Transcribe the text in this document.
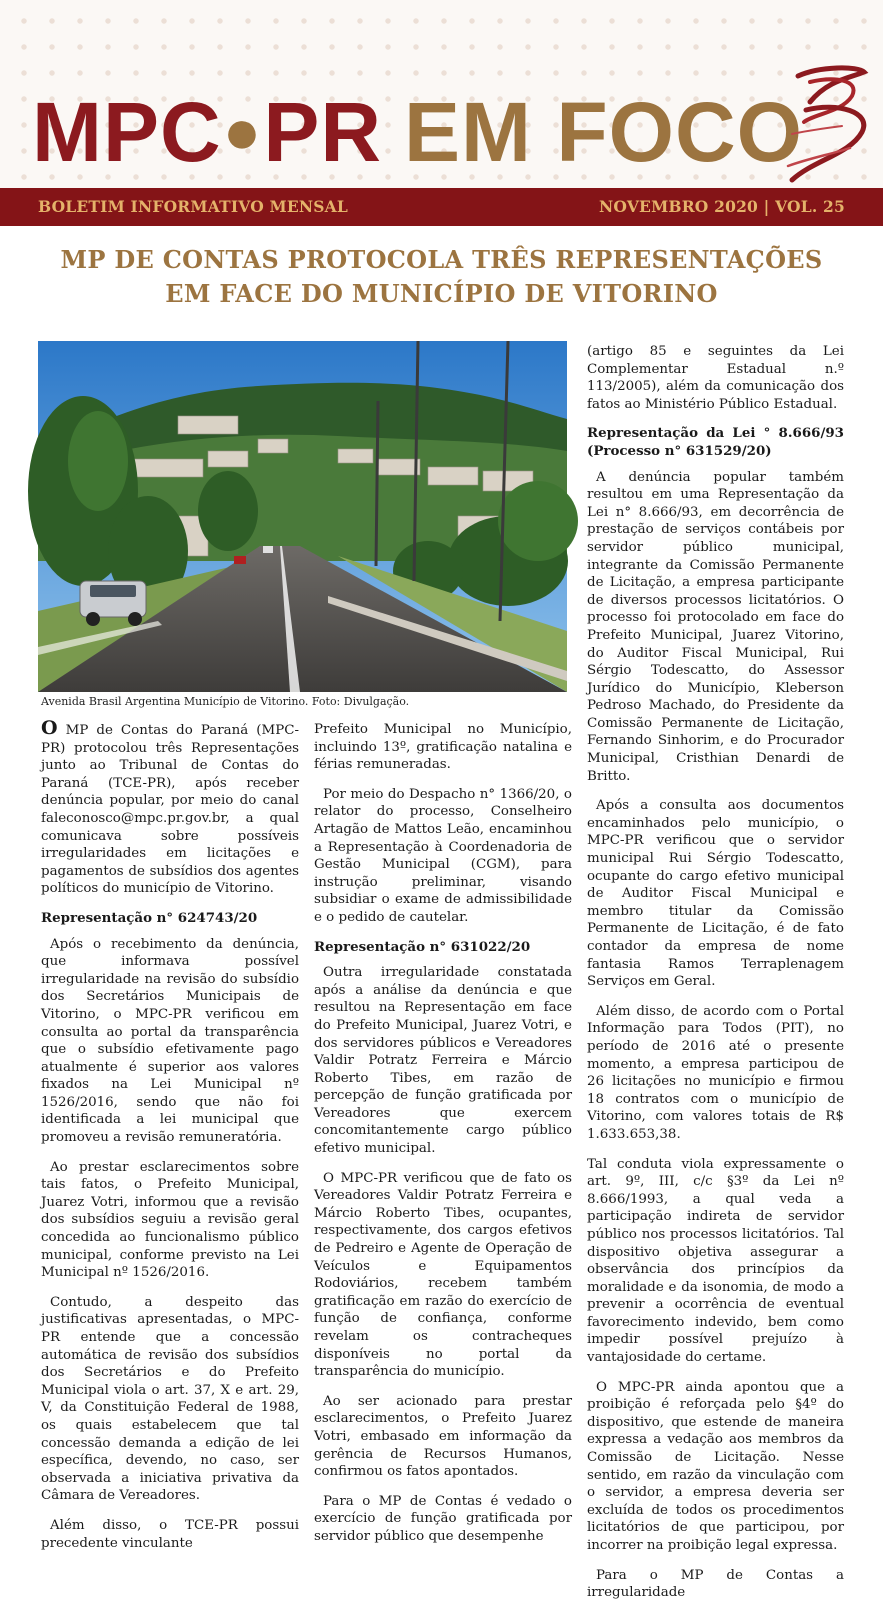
MPC●PR EM FOCO
BOLETIM INFORMATIVO MENSAL	NOVEMBRO 2020 | VOL. 25
MP DE CONTAS PROTOCOLA TRÊS REPRESENTAÇÕES
EM FACE DO MUNICÍPIO DE VITORINO
Avenida Brasil Argentina Município de Vitorino. Foto: Divulgação.

O MP de Contas do Paraná (MPC-PR) protocolou três Representações junto ao Tribunal de Contas do Paraná (TCE-PR), após receber denúncia popular, por meio do canal faleconosco@mpc.pr.gov.br, a qual comunicava sobre possíveis irregularidades em licitações e pagamentos de subsídios dos agentes políticos do município de Vitorino.

Representação n° 624743/20

Após o recebimento da denúncia, que informava possível irregularidade na revisão do subsídio dos Secretários Municipais de Vitorino, o MPC-PR verificou em consulta ao portal da transparência que o subsídio efetivamente pago atualmente é superior aos valores fixados na Lei Municipal nº 1526/2016, sendo que não foi identificada a lei municipal que promoveu a revisão remuneratória.

Ao prestar esclarecimentos sobre tais fatos, o Prefeito Municipal, Juarez Votri, informou que a revisão dos subsídios seguiu a revisão geral concedida ao funcionalismo público municipal, conforme previsto na Lei Municipal nº 1526/2016.

Contudo, a despeito das justificativas apresentadas, o MPC-PR entende que a concessão automática de revisão dos subsídios dos Secretários e do Prefeito Municipal viola o art. 37, X e art. 29, V, da Constituição Federal de 1988, os quais estabelecem que tal concessão demanda a edição de lei específica, devendo, no caso, ser observada a iniciativa privativa da Câmara de Vereadores.

Além disso, o TCE-PR possui precedente vinculante

Prefeito Municipal no Município, incluindo 13º, gratificação natalina e férias remuneradas.

Por meio do Despacho n° 1366/20, o relator do processo, Conselheiro Artagão de Mattos Leão, encaminhou a Representação à Coordenadoria de Gestão Municipal (CGM), para instrução preliminar, visando subsidiar o exame de admissibilidade e o pedido de cautelar.

Representação n° 631022/20

Outra irregularidade constatada após a análise da denúncia e que resultou na Representação em face do Prefeito Municipal, Juarez Votri, e dos servidores públicos e Vereadores Valdir Potratz Ferreira e Márcio Roberto Tibes, em razão de percepção de função gratificada por Vereadores que exercem concomitantemente cargo público efetivo municipal.

O MPC-PR verificou que de fato os Vereadores Valdir Potratz Ferreira e Márcio Roberto Tibes, ocupantes, respectivamente, dos cargos efetivos de Pedreiro e Agente de Operação de Veículos e Equipamentos Rodoviários, recebem também gratificação em razão do exercício de função de confiança, conforme revelam os contracheques disponíveis no portal da transparência do município.

Ao ser acionado para prestar esclarecimentos, o Prefeito Juarez Votri, embasado em informação da gerência de Recursos Humanos, confirmou os fatos apontados.

Para o MP de Contas é vedado o exercício de função gratificada por servidor público que desempenhe

(artigo 85 e seguintes da Lei Complementar Estadual n.º 113/2005), além da comunicação dos fatos ao Ministério Público Estadual.

Representação da Lei ° 8.666/93 (Processo n° 631529/20)

A denúncia popular também resultou em uma Representação da Lei n° 8.666/93, em decorrência de prestação de serviços contábeis por servidor público municipal, integrante da Comissão Permanente de Licitação, a empresa participante de diversos processos licitatórios. O processo foi protocolado em face do Prefeito Municipal, Juarez Vitorino, do Auditor Fiscal Municipal, Rui Sérgio Todescatto, do Assessor Jurídico do Município, Kleberson Pedroso Machado, do Presidente da Comissão Permanente de Licitação, Fernando Sinhorim, e do Procurador Municipal, Cristhian Denardi de Britto.

Após a consulta aos documentos encaminhados pelo município, o MPC-PR verificou que o servidor municipal Rui Sérgio Todescatto, ocupante do cargo efetivo municipal de Auditor Fiscal Municipal e membro titular da Comissão Permanente de Licitação, é de fato contador da empresa de nome fantasia Ramos Terraplenagem Serviços em Geral.

Além disso, de acordo com o Portal Informação para Todos (PIT), no período de 2016 até o presente momento, a empresa participou de 26 licitações no município e firmou 18 contratos com o município de Vitorino, com valores totais de R$ 1.633.653,38.

Tal conduta viola expressamente o art. 9º, III, c/c §3º da Lei nº 8.666/1993, a qual veda a participação indireta de servidor público nos processos licitatórios. Tal dispositivo objetiva assegurar a observância dos princípios da moralidade e da isonomia, de modo a prevenir a ocorrência de eventual favorecimento indevido, bem como impedir possível prejuízo à vantajosidade do certame.

O MPC-PR ainda apontou que a proibição é reforçada pelo §4º do dispositivo, que estende de maneira expressa a vedação aos membros da Comissão de Licitação. Nesse sentido, em razão da vinculação com o servidor, a empresa deveria ser excluída de todos os procedimentos licitatórios de que participou, por incorrer na proibição legal expressa.

Para o MP de Contas a irregularidade
